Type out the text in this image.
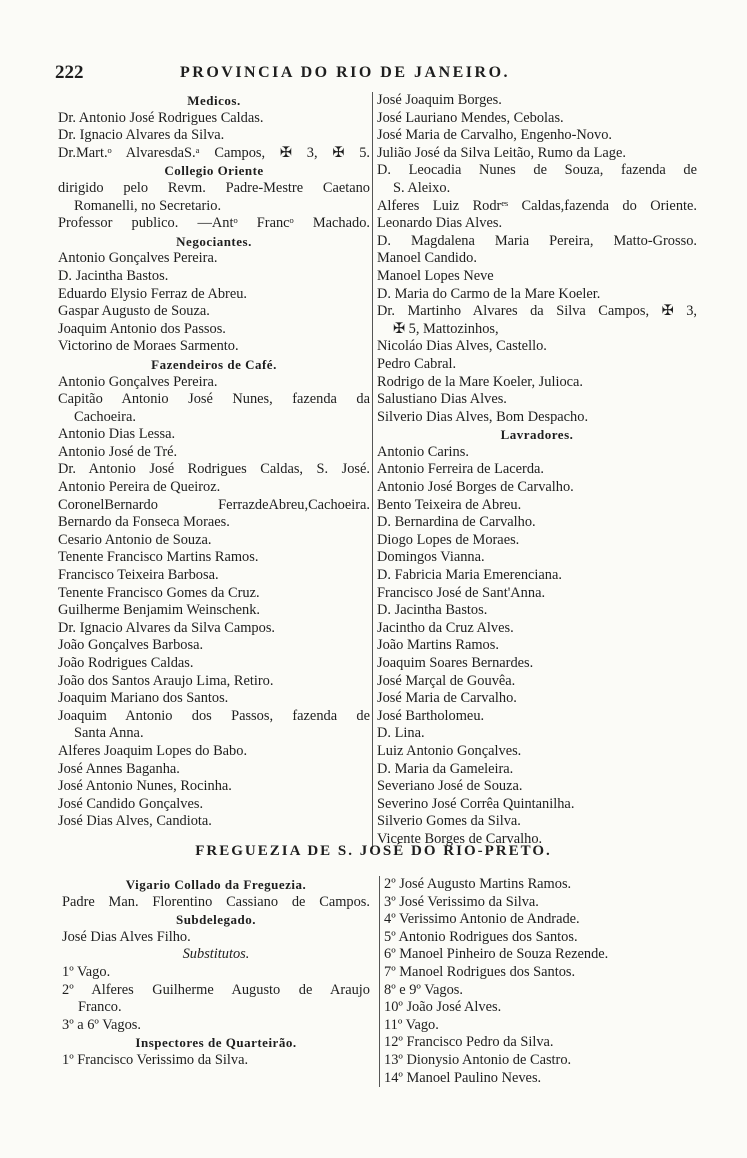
222	PROVINCIA DO RIO DE JANEIRO.
Medicos.
Dr. Antonio José Rodrigues Caldas.
Dr. Ignacio Alvares da Silva.
Dr.Mart.ᵒ AlvaresdaS.ᵃ Campos, ✠ 3, ✠ 5.
Collegio Oriente
dirigido pelo Revm. Padre-Mestre Caetano
Romanelli, no Secretario.
Professor publico. —Antᵒ Francᵒ Machado.
Negociantes.
Antonio Gonçalves Pereira.
D. Jacintha Bastos.
Eduardo Elysio Ferraz de Abreu.
Gaspar Augusto de Souza.
Joaquim Antonio dos Passos.
Victorino de Moraes Sarmento.
Fazendeiros de Café.
Antonio Gonçalves Pereira.
Capitão Antonio José Nunes, fazenda da
Cachoeira.
Antonio Dias Lessa.
Antonio José de Tré.
Dr. Antonio José Rodrigues Caldas, S. José.
Antonio Pereira de Queiroz.
CoronelBernardo FerrazdeAbreu,Cachoeira.
Bernardo da Fonseca Moraes.
Cesario Antonio de Souza.
Tenente Francisco Martins Ramos.
Francisco Teixeira Barbosa.
Tenente Francisco Gomes da Cruz.
Guilherme Benjamim Weinschenk.
Dr. Ignacio Alvares da Silva Campos.
João Gonçalves Barbosa.
João Rodrigues Caldas.
João dos Santos Araujo Lima, Retiro.
Joaquim Mariano dos Santos.
Joaquim Antonio dos Passos, fazenda de
Santa Anna.
Alferes Joaquim Lopes do Babo.
José Annes Baganha.
José Antonio Nunes, Rocinha.
José Candido Gonçalves.
José Dias Alves, Candiota.
José Joaquim Borges.
José Lauriano Mendes, Cebolas.
José Maria de Carvalho, Engenho-Novo.
Julião José da Silva Leitão, Rumo da Lage.
D. Leocadia Nunes de Souza, fazenda de
S. Aleixo.
Alferes Luiz Rodrᵉˢ Caldas,fazenda do Oriente.
Leonardo Dias Alves.
D. Magdalena Maria Pereira, Matto-Grosso.
Manoel Candido.
Manoel Lopes Neve
D. Maria do Carmo de la Mare Koeler.
Dr. Martinho Alvares da Silva Campos, ✠ 3,
✠ 5, Mattozinhos,
Nicoláo Dias Alves, Castello.
Pedro Cabral.
Rodrigo de la Mare Koeler, Julioca.
Salustiano Dias Alves.
Silverio Dias Alves, Bom Despacho.
Lavradores.
Antonio Carins.
Antonio Ferreira de Lacerda.
Antonio José Borges de Carvalho.
Bento Teixeira de Abreu.
D. Bernardina de Carvalho.
Diogo Lopes de Moraes.
Domingos Vianna.
D. Fabricia Maria Emerenciana.
Francisco José de Sant'Anna.
D. Jacintha Bastos.
Jacintho da Cruz Alves.
João Martins Ramos.
Joaquim Soares Bernardes.
José Marçal de Gouvêa.
José Maria de Carvalho.
José Bartholomeu.
D. Lina.
Luiz Antonio Gonçalves.
D. Maria da Gameleira.
Severiano José de Souza.
Severino José Corrêa Quintanilha.
Silverio Gomes da Silva.
Vicente Borges de Carvalho.
FREGUEZIA DE S. JOSÉ DO RIO-PRETO.
Vigario Collado da Freguezia.
Padre Man. Florentino Cassiano de Campos.
Subdelegado.
José Dias Alves Filho.
Substitutos.
1º Vago.
2º Alferes Guilherme Augusto de Araujo
Franco.
3º a 6º Vagos.
Inspectores de Quarteirão.
1º Francisco Verissimo da Silva.
2º José Augusto Martins Ramos.
3º José Verissimo da Silva.
4º Verissimo Antonio de Andrade.
5º Antonio Rodrigues dos Santos.
6º Manoel Pinheiro de Souza Rezende.
7º Manoel Rodrigues dos Santos.
8º e 9º Vagos.
10º João José Alves.
11º Vago.
12º Francisco Pedro da Silva.
13º Dionysio Antonio de Castro.
14º Manoel Paulino Neves.
